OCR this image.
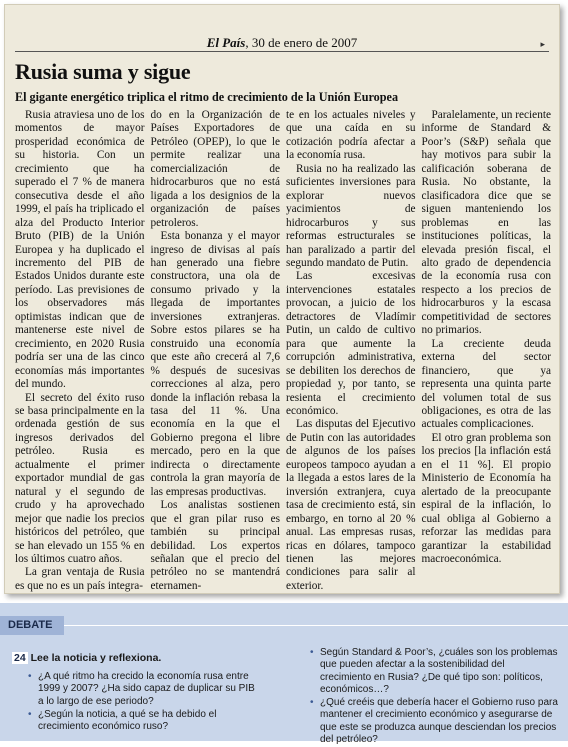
El País, 30 de enero de 2007	▸
Rusia suma y sigue
El gigante energético triplica el ritmo de crecimiento de la Unión Europea

Rusia atraviesa uno de los momentos de mayor prosperidad económica de su historia. Con un crecimiento que ha superado el 7 % de manera consecutiva desde el año 1999, el país ha triplicado el alza del Producto Interior Bruto (PIB) de la Unión Europea y ha duplicado el incremento del PIB de Estados Unidos durante este período. Las previsiones de los observadores más optimistas indican que de mantenerse este nivel de crecimiento, en 2020 Rusia podría ser una de las cinco economías más importantes del mundo.

El secreto del éxito ruso se basa principalmente en la ordenada gestión de sus ingresos derivados del petróleo. Rusia es actualmente el primer exportador mundial de gas natural y el segundo de crudo y ha aprovechado mejor que nadie los precios históricos del petróleo, que se han elevado un 155 % en los últimos cuatro años.

La gran ventaja de Rusia es que no es un país integra-

do en la Organización de Países Exportadores de Petróleo (OPEP), lo que le permite realizar una comercialización de hidrocarburos que no está ligada a los designios de la organización de países petroleros.

Esta bonanza y el mayor ingreso de divisas al país han generado una fiebre constructora, una ola de consumo privado y la llegada de importantes inversiones extranjeras. Sobre estos pilares se ha construido una economía que este año crecerá al 7,6 % después de sucesivas correcciones al alza, pero donde la inflación rebasa la tasa del 11 %. Una economía en la que el Gobierno pregona el libre mercado, pero en la que indirecta o directamente controla la gran mayoría de las empresas productivas.

Los analistas sostienen que el gran pilar ruso es también su principal debilidad. Los expertos señalan que el precio del petróleo no se mantendrá eternamen-

te en los actuales niveles y que una caída en su cotización podría afectar a la economía rusa.

Rusia no ha realizado las suficientes inversiones para explorar nuevos yacimientos de hidrocarburos y sus reformas estructurales se han paralizado a partir del segundo mandato de Putin.

Las excesivas intervenciones estatales provocan, a juicio de los detractores de Vladímir Putin, un caldo de cultivo para que aumente la corrupción administrativa, se debiliten los derechos de propiedad y, por tanto, se resienta el crecimiento económico.

Las disputas del Ejecutivo de Putin con las autoridades de algunos de los países europeos tampoco ayudan a la llegada a estos lares de la inversión extranjera, cuya tasa de crecimiento está, sin embargo, en torno al 20 % anual. Las empresas rusas, ricas en dólares, tampoco tienen las mejores condiciones para salir al exterior.

Paralelamente, un reciente informe de Standard & Poor’s (S&P) señala que hay motivos para subir la calificación soberana de Rusia. No obstante, la clasificadora dice que se siguen manteniendo los problemas en las instituciones políticas, la elevada presión fiscal, el alto grado de dependencia de la economía rusa con respecto a los precios de hidrocarburos y la escasa competitividad de sectores no primarios.

La creciente deuda externa del sector financiero, que ya representa una quinta parte del volumen total de sus obligaciones, es otra de las actuales complicaciones.

El otro gran problema son los precios [la inflación está en el 11 %]. El propio Ministerio de Economía ha alertado de la preocupante espiral de la inflación, lo cual obliga al Gobierno a reforzar las medidas para garantizar la estabilidad macroeconómica.

DEBATE
24 Lee la noticia y reflexiona.
• ¿A qué ritmo ha crecido la economía rusa entre 1999 y 2007? ¿Ha sido capaz de duplicar su PIB a lo largo de ese periodo?
• ¿Según la noticia, a qué se ha debido el crecimiento económico ruso?
• Según Standard & Poor’s, ¿cuáles son los problemas que pueden afectar a la sostenibilidad del crecimiento en Rusia? ¿De qué tipo son: políticos, económicos…?
• ¿Qué creéis que debería hacer el Gobierno ruso para mantener el crecimiento económico y asegurarse de que este se produzca aunque desciendan los precios del petróleo?
